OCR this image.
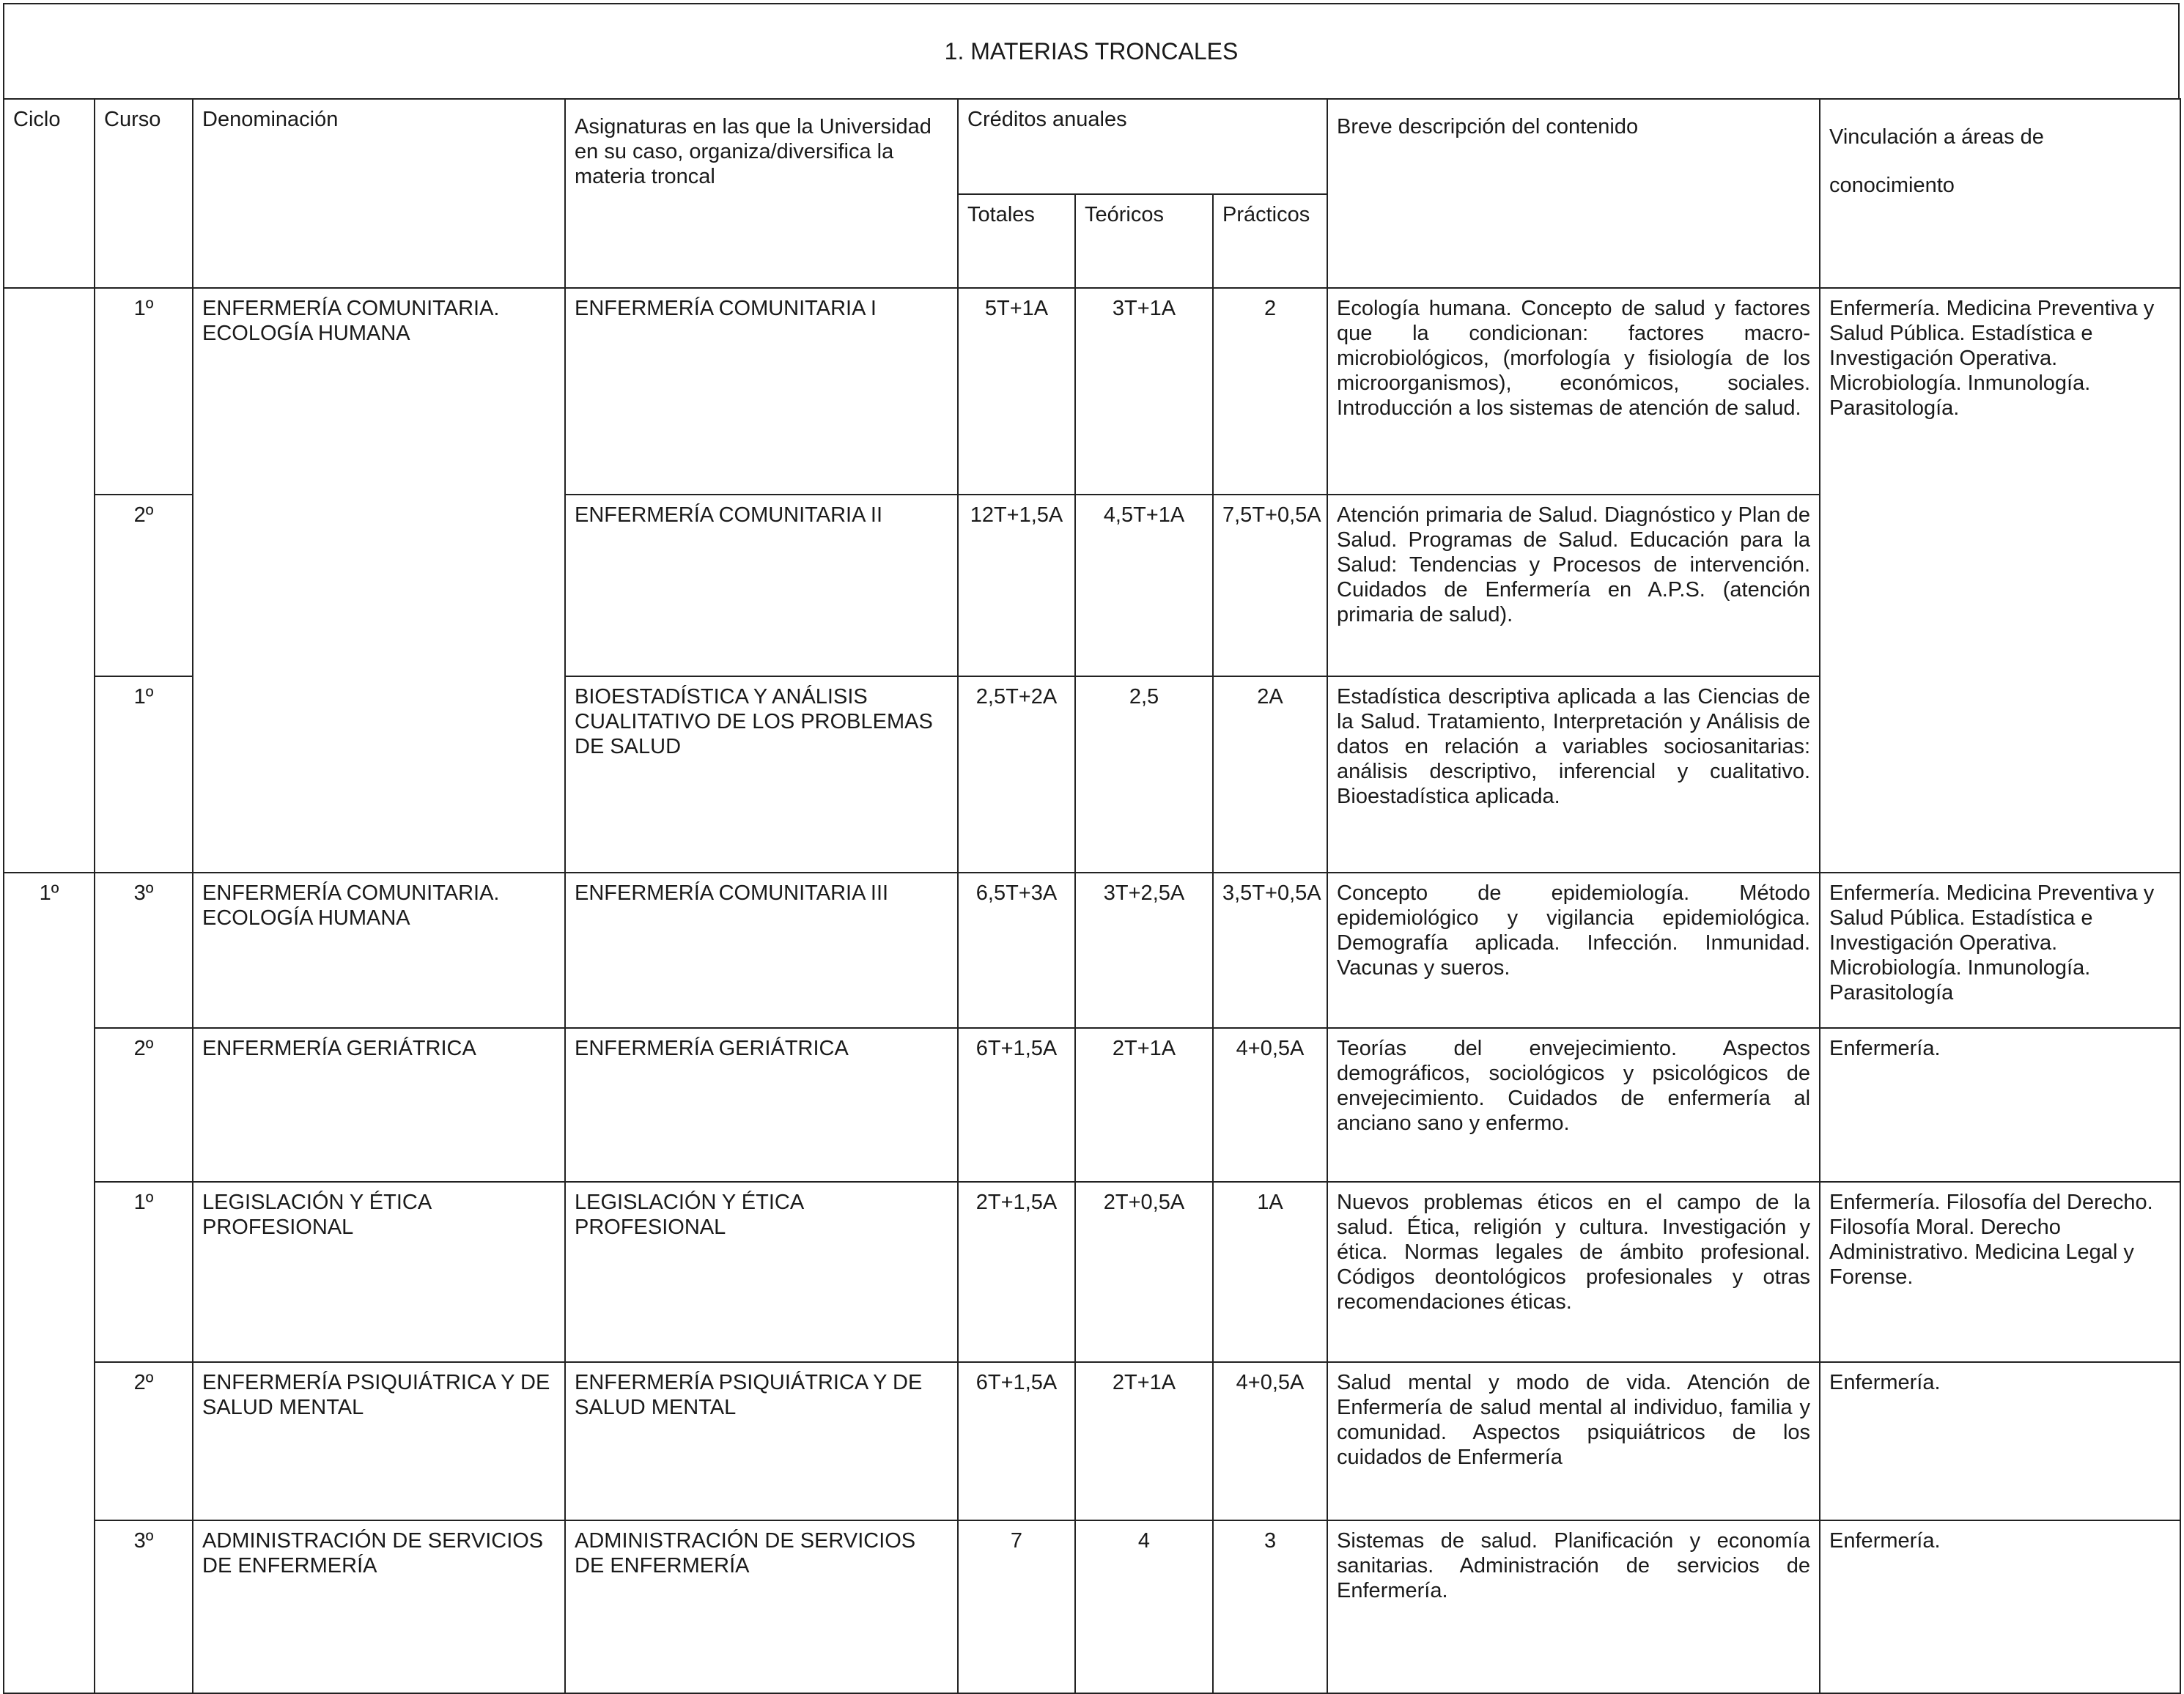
1. MATERIAS TRONCALES
Ciclo	Curso	Denominación	Asignaturas en las que la Universidad en su caso, organiza/diversifica la materia troncal	Créditos anuales			Breve descripción del contenido	Vinculación a áreas de conocimiento
				Totales	Teóricos	Prácticos		
	1º	ENFERMERÍA COMUNITARIA. ECOLOGÍA HUMANA	ENFERMERÍA COMUNITARIA I	5T+1A	3T+1A	2	Ecología humana. Concepto de salud y factores que la condicionan: factores macro-microbiológicos, (morfología y fisiología de los microorganismos), económicos, sociales. Introducción a los sistemas de atención de salud.	Enfermería. Medicina Preventiva y Salud Pública. Estadística e Investigación Operativa. Microbiología. Inmunología. Parasitología.
	2º		ENFERMERÍA COMUNITARIA II	12T+1,5A	4,5T+1A	7,5T+0,5A	Atención primaria de Salud. Diagnóstico y Plan de Salud. Programas de Salud. Educación para la Salud: Tendencias y Procesos de intervención. Cuidados de Enfermería en A.P.S. (atención primaria de salud).	
	1º		BIOESTADÍSTICA Y ANÁLISIS CUALITATIVO DE LOS PROBLEMAS DE SALUD	2,5T+2A	2,5	2A	Estadística descriptiva aplicada a las Ciencias de la Salud. Tratamiento, Interpretación y Análisis de datos en relación a variables sociosanitarias: análisis descriptivo, inferencial y cualitativo. Bioestadística aplicada.	
1º	3º	ENFERMERÍA COMUNITARIA. ECOLOGÍA HUMANA	ENFERMERÍA COMUNITARIA III	6,5T+3A	3T+2,5A	3,5T+0,5A	Concepto de epidemiología. Método epidemiológico y vigilancia epidemiológica. Demografía aplicada. Infección. Inmunidad. Vacunas y sueros.	Enfermería. Medicina Preventiva y Salud Pública. Estadística e Investigación Operativa. Microbiología. Inmunología. Parasitología
	2º	ENFERMERÍA GERIÁTRICA	ENFERMERÍA GERIÁTRICA	6T+1,5A	2T+1A	4+0,5A	Teorías del envejecimiento. Aspectos demográficos, sociológicos y psicológicos de envejecimiento. Cuidados de enfermería al anciano sano y enfermo.	Enfermería.
	1º	LEGISLACIÓN Y ÉTICA PROFESIONAL	LEGISLACIÓN Y ÉTICA PROFESIONAL	2T+1,5A	2T+0,5A	1A	Nuevos problemas éticos en el campo de la salud. Ética, religión y cultura. Investigación y ética. Normas legales de ámbito profesional. Códigos deontológicos profesionales y otras recomendaciones éticas.	Enfermería. Filosofía del Derecho. Filosofía Moral. Derecho Administrativo. Medicina Legal y Forense.
	2º	ENFERMERÍA PSIQUIÁTRICA Y DE SALUD MENTAL	ENFERMERÍA PSIQUIÁTRICA Y DE SALUD MENTAL	6T+1,5A	2T+1A	4+0,5A	Salud mental y modo de vida. Atención de Enfermería de salud mental al individuo, familia y comunidad. Aspectos psiquiátricos de los cuidados de Enfermería	Enfermería.
	3º	ADMINISTRACIÓN DE SERVICIOS DE ENFERMERÍA	ADMINISTRACIÓN DE SERVICIOS DE ENFERMERÍA	7	4	3	Sistemas de salud. Planificación y economía sanitarias. Administración de servicios de Enfermería.	Enfermería.
